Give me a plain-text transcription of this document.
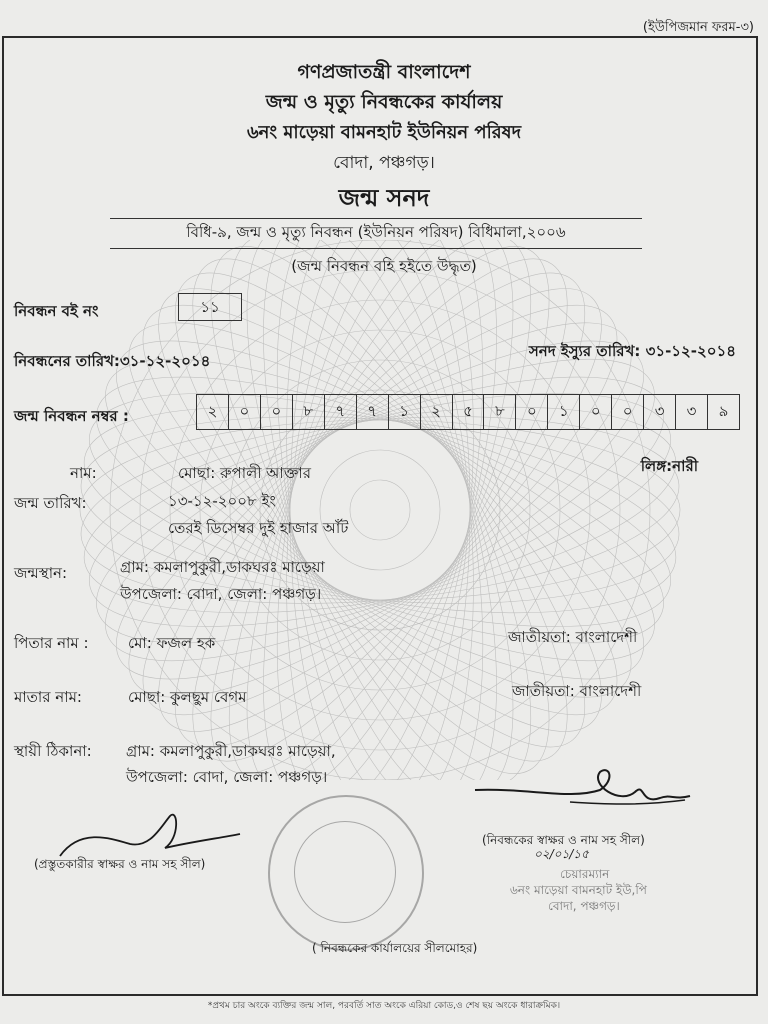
(ইউপিজমান ফরম-৩)
গণপ্রজাতন্ত্রী বাংলাদেশ
জন্ম ও মৃত্যু নিবন্ধকের কার্যালয়
৬নং মাড়েয়া বামনহাট ইউনিয়ন পরিষদ
বোদা, পঞ্চগড়।
জন্ম সনদ
বিধি-৯, জন্ম ও মৃত্যু নিবন্ধন (ইউনিয়ন পরিষদ) বিধিমালা,২০০৬
(জন্ম নিবন্ধন বহি হইতে উদ্ধৃত)
নিবন্ধন বই নং	১১
নিবন্ধনের তারিখ:৩১-১২-২০১৪
সনদ ইস্যুর তারিখ: ৩১-১২-২০১৪
জন্ম নিবন্ধন নম্বর :	২	০	০	৮	৭	৭	১	২	৫	৮	০	১	০	০	৩	৩	৯
নাম:	মোছা: রুপালী আক্তার	লিঙ্গ:নারী
জন্ম তারিখ:	১৩-১২-২০০৮ ইং
তেরই ডিসেম্বর দুই হাজার আঁট
জন্মস্থান:	গ্রাম: কমলাপুকুরী,ডাকঘরঃ মাড়েয়া
উপজেলা: বোদা, জেলা: পঞ্চগড়।
পিতার নাম :	মো: ফজল হক	জাতীয়তা: বাংলাদেশী
মাতার নাম:	মোছা: কুলছুম বেগম	জাতীয়তা: বাংলাদেশী
স্থায়ী ঠিকানা: গ্রাম: কমলাপুকুরী,ডাকঘরঃ মাড়েয়া,
উপজেলা: বোদা, জেলা: পঞ্চগড়।
(নিবন্ধকের স্বাক্ষর ও নাম সহ সীল)
০২/০১/১৫
চেয়ারম্যান
৬নং মাড়েয়া বামনহাট ইউ,পি
বোদা, পঞ্চগড়।
(প্রস্তুতকারীর স্বাক্ষর ও নাম সহ সীল)
( নিবন্ধকের কার্যালয়ের সীলমোহর)
*প্রথম চার অংকে ব্যক্তির জন্ম সাল, পরবর্তি সাত অংকে এরিয়া কোড,ও শেষ ছয় অংকে ধারাক্রমিক।
